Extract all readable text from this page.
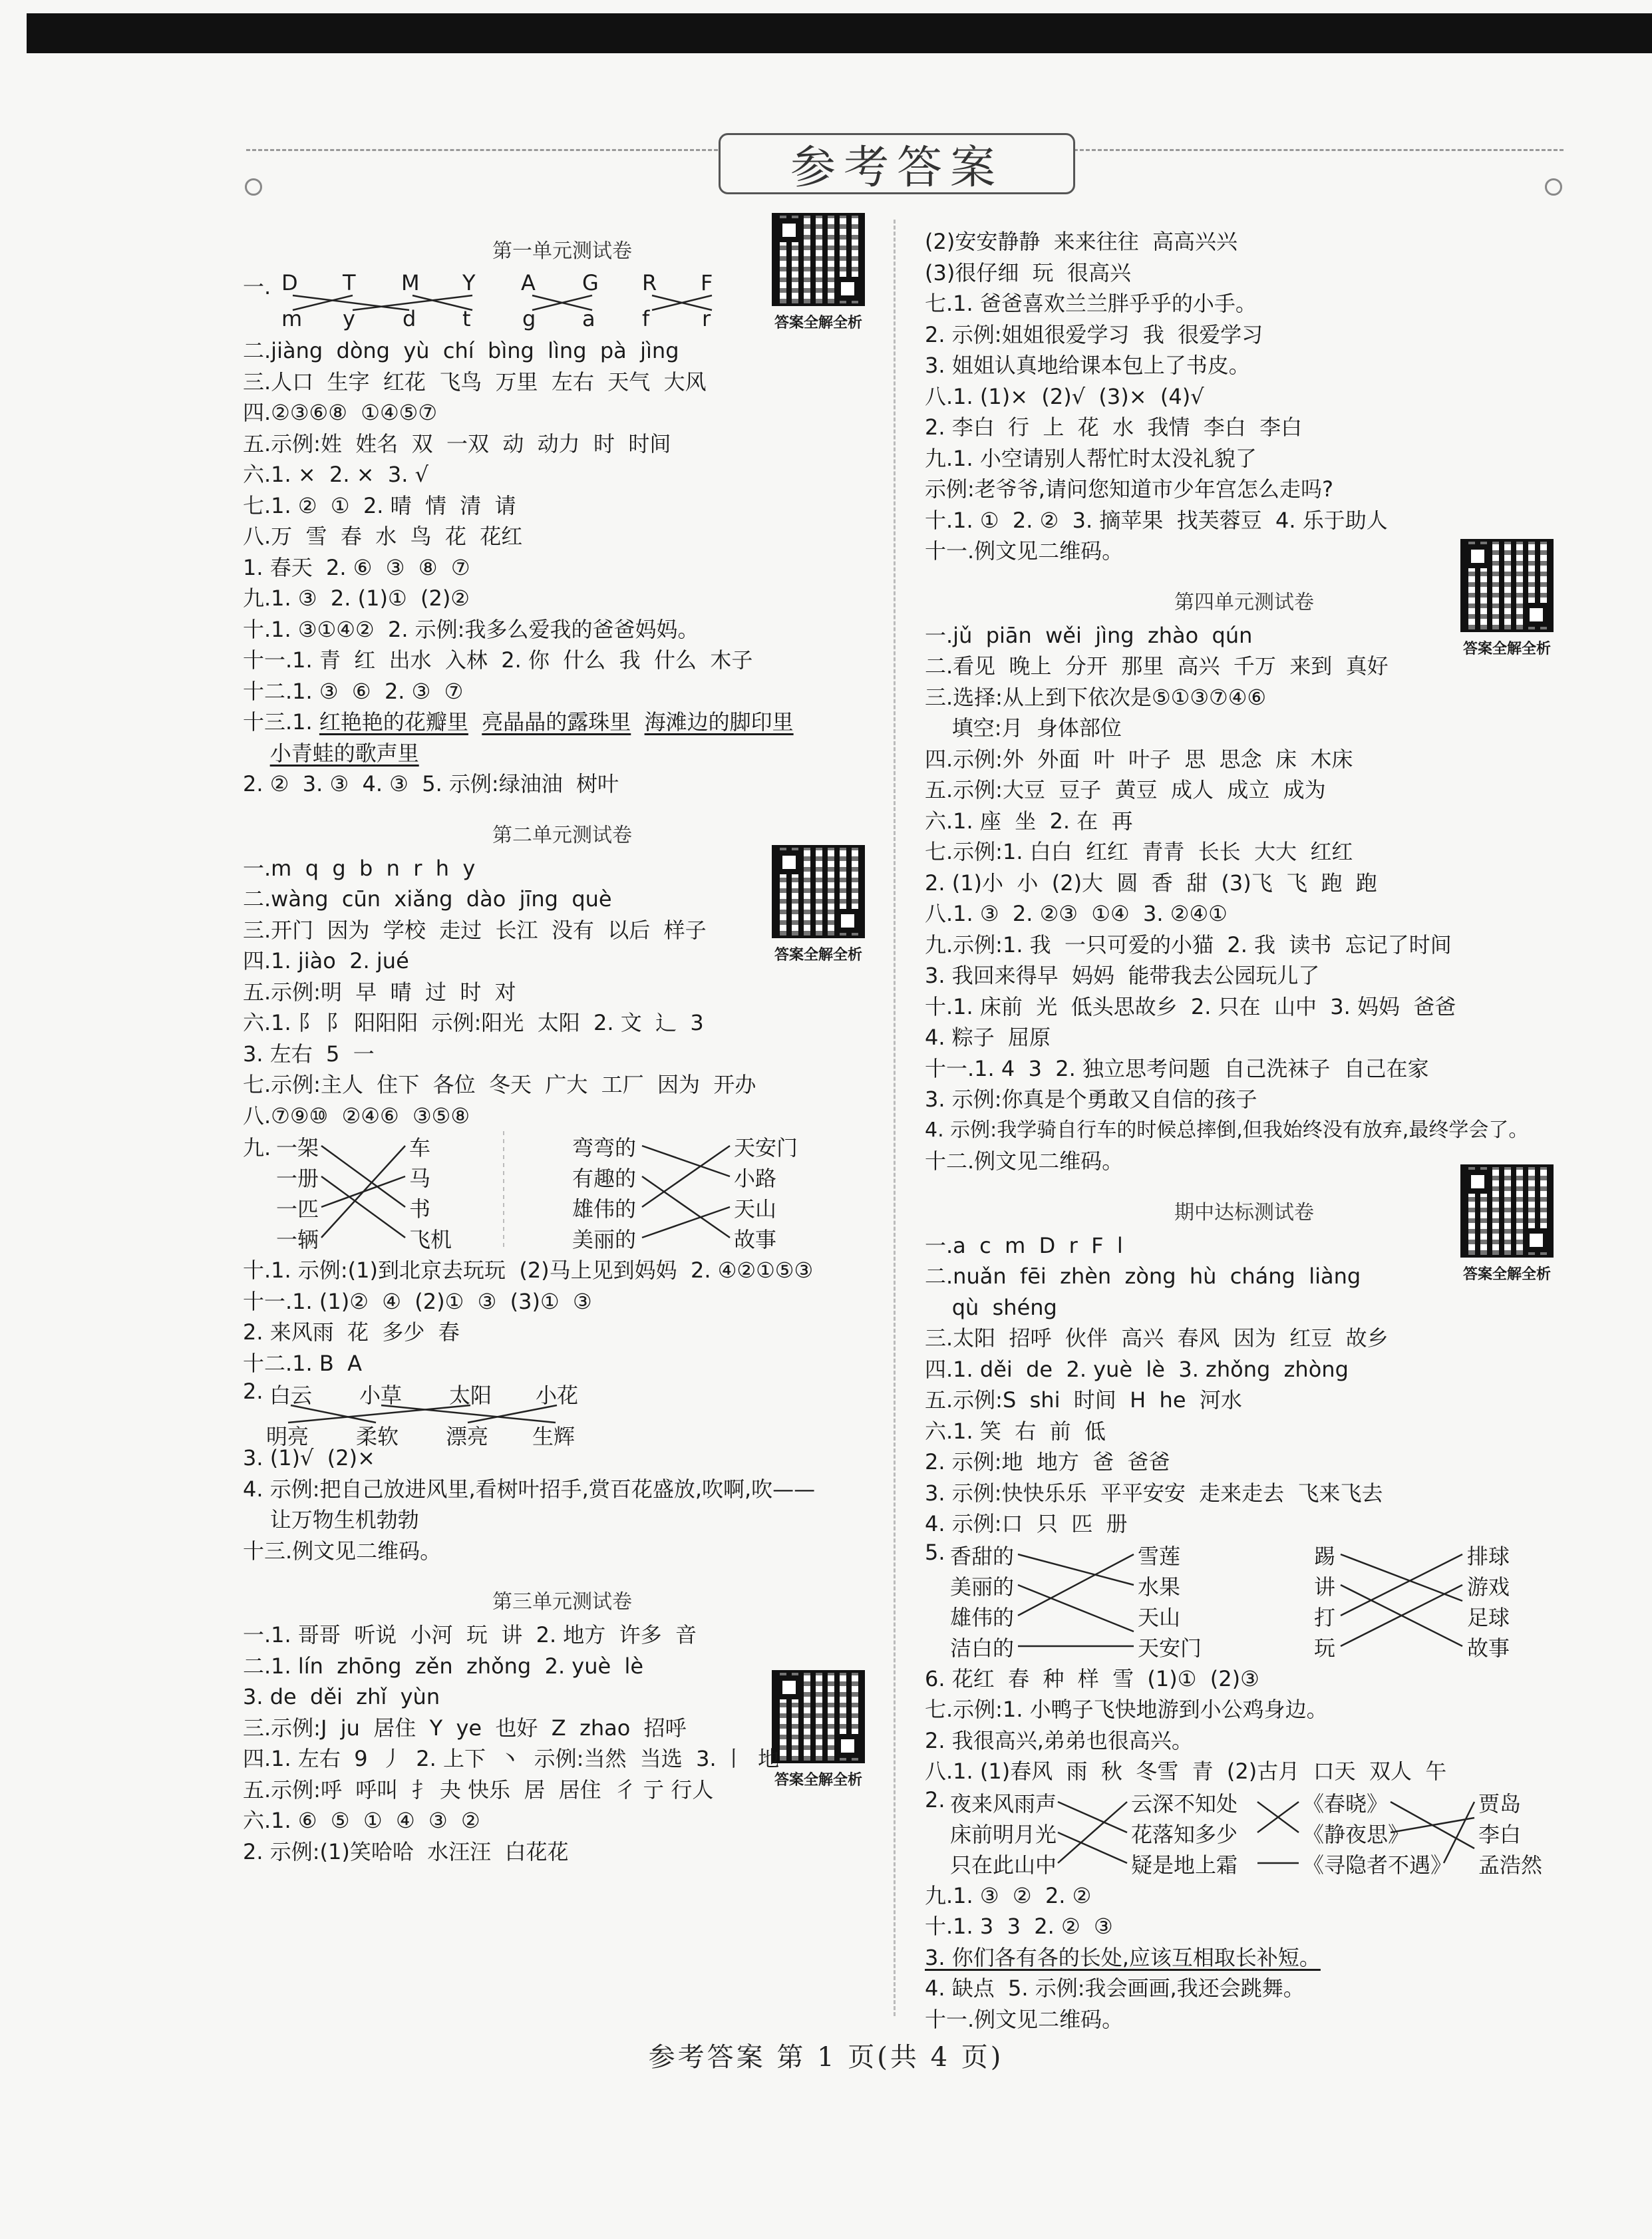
参考答案
答案全解全析
答案全解全析
答案全解全析
答案全解全析
答案全解全析
第一单元测试卷
一. D T M Y A G R F
m y d t g a f r
二.jiàng  dòng  yù  chí  bìng  lìng  pà  jìng
三.人口  生字  红花  飞鸟  万里  左右  天气  大风
四.②③⑥⑧  ①④⑤⑦
五.示例:姓  姓名  双  一双  动  动力  时  时间
六.1. ×  2. ×  3. √
七.1. ②  ①  2. 晴  情  清  请
八.万  雪  春  水  鸟  花  花红
1. 春天  2. ⑥  ③  ⑧  ⑦
九.1. ③  2. (1)①  (2)②
十.1. ③①④②  2. 示例:我多么爱我的爸爸妈妈。
十一.1. 青  红  出水  入林  2. 你  什么  我  什么  木子
十二.1. ③  ⑥  2. ③  ⑦
十三.1. 红艳艳的花瓣里 亮晶晶的露珠里 海滩边的脚印里
小青蛙的歌声里
2. ②  3. ③  4. ③  5. 示例:绿油油  树叶
第二单元测试卷
一.m  q  g  b  n  r  h  y
二.wàng  cūn  xiǎng  dào  jīng  què
三.开门  因为  学校  走过  长江  没有  以后  样子
四.1. jiào  2. jué
五.示例:明  早  晴  过  时  对
六.1. 阝 阝 阳阳阳  示例:阳光  太阳  2. 文  辶  3
3. 左右  5  一
七.示例:主人  住下  各位  冬天  广大  工厂  因为  开办
八.⑦⑨⑩  ②④⑥  ③⑤⑧
九. 一架
一册
一匹
一辆
车
马
书
飞机
弯弯的
有趣的
雄伟的
美丽的
天安门
小路
天山
故事
十.1. 示例:(1)到北京去玩玩  (2)马上见到妈妈  2. ④②①⑤③
十一.1. (1)②  ④  (2)①  ③  (3)①  ③
2. 来风雨  花  多少  春
十二.1. B  A
2. 白云 小草 太阳 小花
明亮 柔软 漂亮 生辉
3. (1)√  (2)×
4. 示例:把自己放进风里,看树叶招手,赏百花盛放,吹啊,吹——
让万物生机勃勃
十三.例文见二维码。
第三单元测试卷
一.1. 哥哥  听说  小河  玩  讲  2. 地方  许多  音
二.1. lín  zhōng  zěn  zhǒng  2. yuè  lè
3. de  děi  zhǐ  yùn
三.示例:J  ju  居住  Y  ye  也好  Z  zhao  招呼
四.1. 左右  9  丿  2. 上下  丶  示例:当然  当选  3. 丨  地
五.示例:呼  呼叫  扌 夬 快乐  居  居住  彳 亍 行人
六.1. ⑥  ⑤  ①  ④  ③  ②
2. 示例:(1)笑哈哈  水汪汪  白花花
(2)安安静静  来来往往  高高兴兴
(3)很仔细  玩  很高兴
七.1. 爸爸喜欢兰兰胖乎乎的小手。
2. 示例:姐姐很爱学习  我  很爱学习
3. 姐姐认真地给课本包上了书皮。
八.1. (1)×  (2)√  (3)×  (4)√
2. 李白  行  上  花  水  我情  李白  李白
九.1. 小空请别人帮忙时太没礼貌了
示例:老爷爷,请问您知道市少年宫怎么走吗?
十.1. ①  2. ②  3. 摘苹果  找芙蓉豆  4. 乐于助人
十一.例文见二维码。
第四单元测试卷
一.jǔ  piān  wěi  jìng  zhào  qún
二.看见  晚上  分开  那里  高兴  千万  来到  真好
三.选择:从上到下依次是⑤①③⑦④⑥
填空:月  身体部位
四.示例:外  外面  叶  叶子  思  思念  床  木床
五.示例:大豆  豆子  黄豆  成人  成立  成为
六.1. 座  坐  2. 在  再
七.示例:1. 白白  红红  青青  长长  大大  红红
2. (1)小  小  (2)大  圆  香  甜  (3)飞  飞  跑  跑
八.1. ③  2. ②③  ①④  3. ②④①
九.示例:1. 我  一只可爱的小猫  2. 我  读书  忘记了时间
3. 我回来得早  妈妈  能带我去公园玩儿了
十.1. 床前  光  低头思故乡  2. 只在  山中  3. 妈妈  爸爸
4. 粽子  屈原
十一.1. 4  3  2. 独立思考问题  自己洗袜子  自己在家
3. 示例:你真是个勇敢又自信的孩子
4. 示例:我学骑自行车的时候总摔倒,但我始终没有放弃,最终学会了。
十二.例文见二维码。
期中达标测试卷
一.a  c  m  D  r  F  l
二.nuǎn  fēi  zhèn  zòng  hù  cháng  liàng
qù  shéng
三.太阳  招呼  伙伴  高兴  春风  因为  红豆  故乡
四.1. děi  de  2. yuè  lè  3. zhǒng  zhòng
五.示例:S  shi  时间  H  he  河水
六.1. 笑  右  前  低
2. 示例:地  地方  爸  爸爸
3. 示例:快快乐乐  平平安安  走来走去  飞来飞去
4. 示例:口  只  匹  册
5. 香甜的
美丽的
雄伟的
洁白的
雪莲
水果
天山
天安门
踢
讲
打
玩
排球
游戏
足球
故事
6. 花红  春  种  样  雪  (1)①  (2)③
七.示例:1. 小鸭子飞快地游到小公鸡身边。
2. 我很高兴,弟弟也很高兴。
八.1. (1)春风  雨  秋  冬雪  青  (2)古月  口天  双人  午
2. 夜来风雨声
床前明月光
只在此山中
云深不知处
花落知多少
疑是地上霜
《春晓》
《静夜思》
《寻隐者不遇》
贾岛
李白
孟浩然
九.1. ③  ②  2. ②
十.1. 3  3  2. ②  ③
3. 你们各有各的长处,应该互相取长补短。
4. 缺点  5. 示例:我会画画,我还会跳舞。
十一.例文见二维码。
参考答案 第 1 页(共 4 页)
